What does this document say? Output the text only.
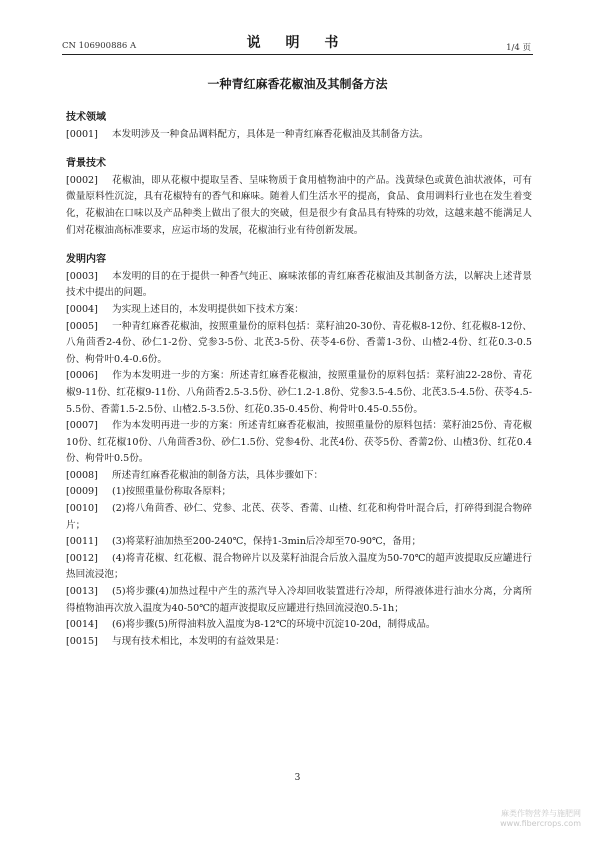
CN 106900886 A	说 明 书	1/4 页
一种青红麻香花椒油及其制备方法

技术领域

[0001] 本发明涉及一种食品调料配方，具体是一种青红麻香花椒油及其制备方法。

背景技术

[0002] 花椒油，即从花椒中提取呈香、呈味物质于食用植物油中的产品。浅黄绿色或黄色油状液体，可有微量原料性沉淀，具有花椒特有的香气和麻味。随着人们生活水平的提高，食品、食用调料行业也在发生着变化，花椒油在口味以及产品种类上做出了很大的突破，但是很少有食品具有特殊的功效，这越来越不能满足人们对花椒油高标准要求，应运市场的发展，花椒油行业有待创新发展。

发明内容

[0003] 本发明的目的在于提供一种香气纯正、麻味浓郁的青红麻香花椒油及其制备方法，以解决上述背景技术中提出的问题。

[0004] 为实现上述目的，本发明提供如下技术方案：

[0005] 一种青红麻香花椒油，按照重量份的原料包括：菜籽油20-30份、青花椒8-12份、红花椒8-12份、八角茴香2-4份、砂仁1-2份、党参3-5份、北芪3-5份、茯苓4-6份、香薷1-3份、山楂2-4份、红花0.3-0.5份、枸骨叶0.4-0.6份。

[0006] 作为本发明进一步的方案：所述青红麻香花椒油，按照重量份的原料包括：菜籽油22-28份、青花椒9-11份、红花椒9-11份、八角茴香2.5-3.5份、砂仁1.2-1.8份、党参3.5-4.5份、北芪3.5-4.5份、茯苓4.5-5.5份、香薷1.5-2.5份、山楂2.5-3.5份、红花0.35-0.45份、枸骨叶0.45-0.55份。

[0007] 作为本发明再进一步的方案：所述青红麻香花椒油，按照重量份的原料包括：菜籽油25份、青花椒10份、红花椒10份、八角茴香3份、砂仁1.5份、党参4份、北芪4份、茯苓5份、香薷2份、山楂3份、红花0.4份、枸骨叶0.5份。

[0008] 所述青红麻香花椒油的制备方法，具体步骤如下：

[0009] (1)按照重量份称取各原料；

[0010] (2)将八角茴香、砂仁、党参、北芪、茯苓、香薷、山楂、红花和枸骨叶混合后，打碎得到混合物碎片；

[0011] (3)将菜籽油加热至200-240℃，保持1-3min后冷却至70-90℃，备用；

[0012] (4)将青花椒、红花椒、混合物碎片以及菜籽油混合后放入温度为50-70℃的超声波提取反应罐进行热回流浸泡；

[0013] (5)将步骤(4)加热过程中产生的蒸汽导入冷却回收装置进行冷却，所得液体进行油水分离，分离所得植物油再次放入温度为40-50℃的超声波提取反应罐进行热回流浸泡0.5-1h；

[0014] (6)将步骤(5)所得油料放入温度为8-12℃的环境中沉淀10-20d，制得成品。

[0015] 与现有技术相比，本发明的有益效果是：

3
麻类作物营养与施肥网
www.fibercrops.com
